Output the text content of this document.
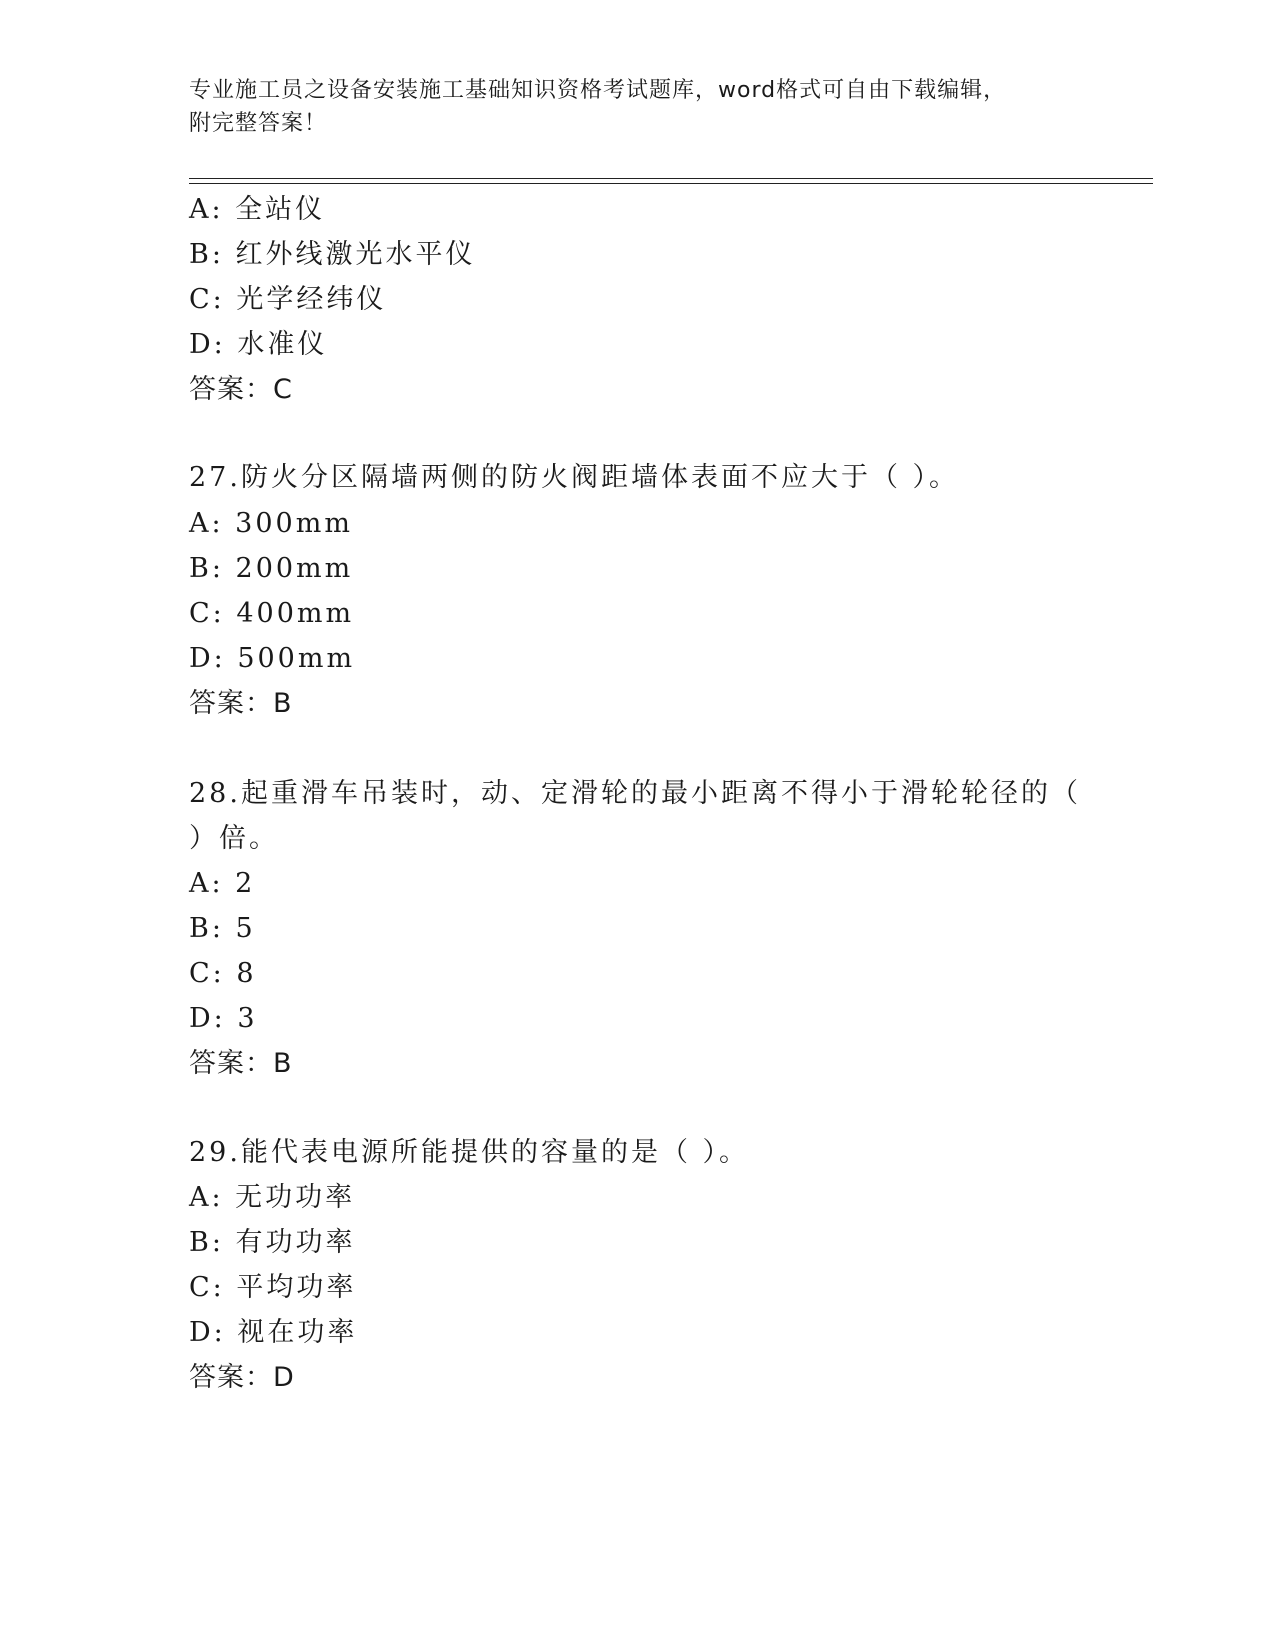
专业施工员之设备安装施工基础知识资格考试题库，word格式可自由下载编辑，
附完整答案！
A: 全站仪
B: 红外线激光水平仪
C: 光学经纬仪
D: 水准仪
答案：C
27.防火分区隔墙两侧的防火阀距墙体表面不应大于（ ）。
A: 300mm
B: 200mm
C: 400mm
D: 500mm
答案：B
28.起重滑车吊装时，动、定滑轮的最小距离不得小于滑轮轮径的（
）倍。
A: 2
B: 5
C: 8
D: 3
答案：B
29.能代表电源所能提供的容量的是（ ）。
A: 无功功率
B: 有功功率
C: 平均功率
D: 视在功率
答案：D
